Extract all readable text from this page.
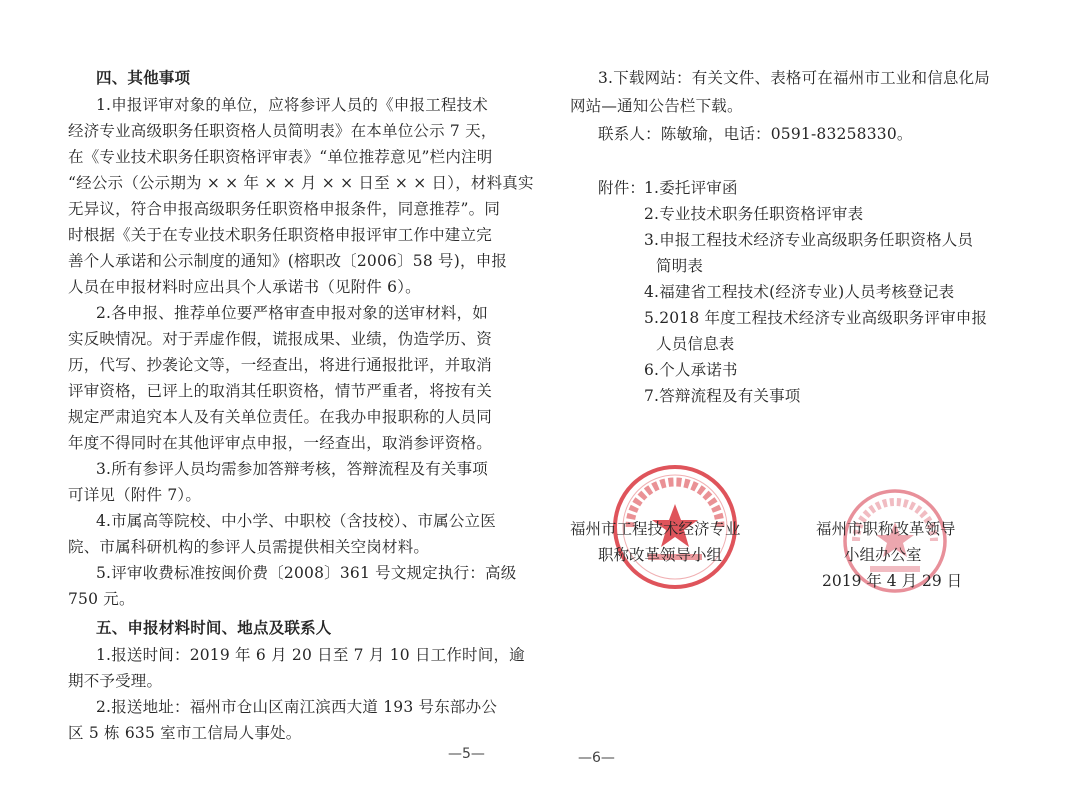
四、其他事项
1.申报评审对象的单位，应将参评人员的《申报工程技术
经济专业高级职务任职资格人员简明表》在本单位公示 7 天，
在《专业技术职务任职资格评审表》“单位推荐意见”栏内注明
“经公示（公示期为 × × 年 × × 月 × × 日至 × × 日），材料真实
无异议，符合申报高级职务任职资格申报条件，同意推荐”。同
时根据《关于在专业技术职务任职资格申报评审工作中建立完
善个人承诺和公示制度的通知》(榕职改〔2006〕58 号)，申报
人员在申报材料时应出具个人承诺书（见附件 6）。
2.各申报、推荐单位要严格审查申报对象的送审材料，如
实反映情况。对于弄虚作假，谎报成果、业绩，伪造学历、资
历，代写、抄袭论文等，一经查出，将进行通报批评，并取消
评审资格，已评上的取消其任职资格，情节严重者，将按有关
规定严肃追究本人及有关单位责任。在我办申报职称的人员同
年度不得同时在其他评审点申报，一经查出，取消参评资格。
3.所有参评人员均需参加答辩考核，答辩流程及有关事项
可详见（附件 7）。
4.市属高等院校、中小学、中职校（含技校）、市属公立医
院、市属科研机构的参评人员需提供相关空岗材料。
5.评审收费标准按闽价费〔2008〕361 号文规定执行：高级
750 元。
五、申报材料时间、地点及联系人
1.报送时间：2019 年 6 月 20 日至 7 月 10 日工作时间，逾
期不予受理。
2.报送地址：福州市仓山区南江滨西大道 193 号东部办公
区 5 栋 635 室市工信局人事处。
—5—
3.下载网站：有关文件、表格可在福州市工业和信息化局
网站—通知公告栏下载。
联系人：陈敏瑜，电话：0591-83258330。
附件：
1.委托评审函
2.专业技术职务任职资格评审表
3.申报工程技术经济专业高级职务任职资格人员
简明表
4.福建省工程技术(经济专业)人员考核登记表
5.2018 年度工程技术经济专业高级职务评审申报
人员信息表
6.个人承诺书
7.答辩流程及有关事项
福州市工程技术经济专业
职称改革领导小组
福州市职称改革领导
小组办公室
2019 年 4 月 29 日
—6—
